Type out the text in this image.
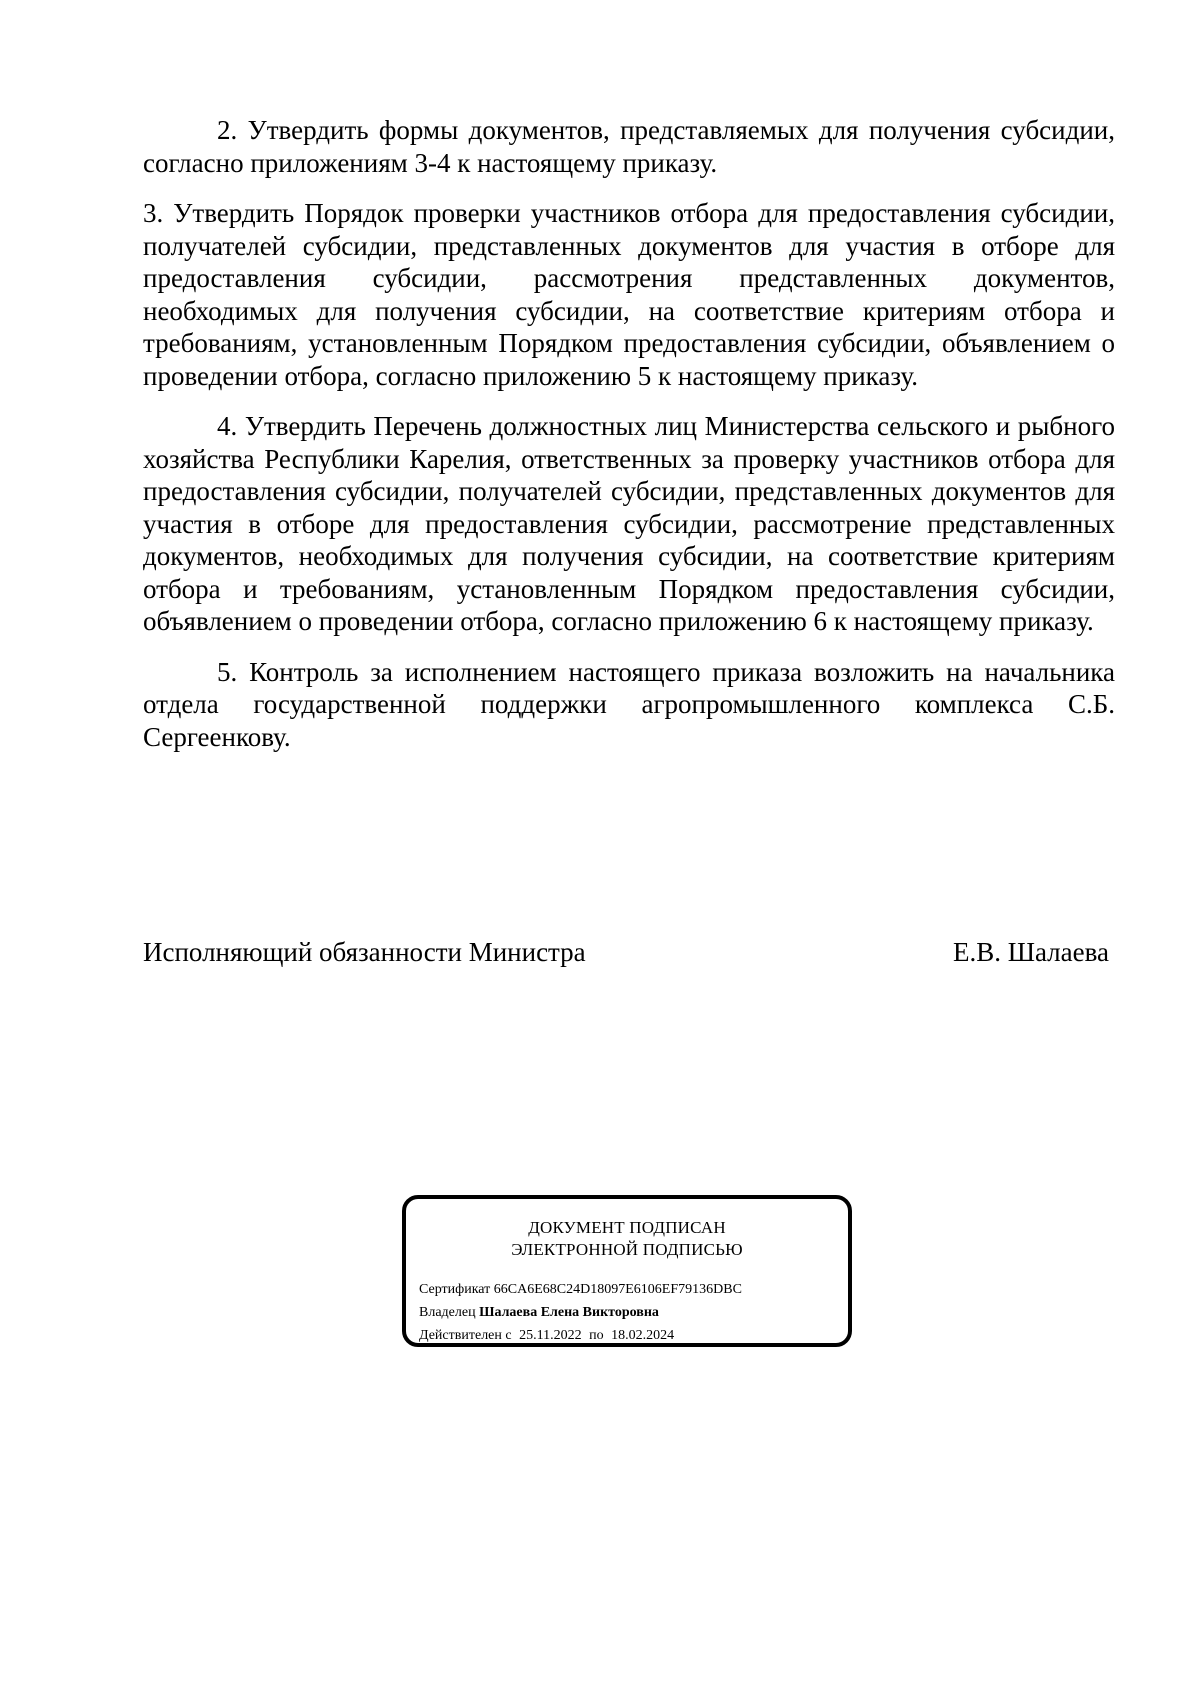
2. Утвердить формы документов, представляемых для получения субсидии, согласно приложениям 3-4 к настоящему приказу.

3. Утвердить Порядок проверки участников отбора для предоставления субсидии, получателей субсидии, представленных документов для участия в отборе для предоставления субсидии, рассмотрения представленных документов, необходимых для получения субсидии, на соответствие критериям отбора и требованиям, установленным Порядком предоставления субсидии, объявлением о проведении отбора, согласно приложению 5 к настоящему приказу.

4. Утвердить Перечень должностных лиц Министерства сельского и рыбного хозяйства Республики Карелия, ответственных за проверку участников отбора для предоставления субсидии, получателей субсидии, представленных документов для участия в отборе для предоставления субсидии, рассмотрение представленных документов, необходимых для получения субсидии, на соответствие критериям отбора и требованиям, установленным Порядком предоставления субсидии, объявлением о проведении отбора, согласно приложению 6 к настоящему приказу.

5. Контроль за исполнением настоящего приказа возложить на начальника отдела государственной поддержки агропромышленного комплекса С.Б. Сергеенкову.

Исполняющий обязанности Министра	Е.В. Шалаева
ДОКУМЕНТ ПОДПИСАН
ЭЛЕКТРОННОЙ ПОДПИСЬЮ
Сертификат 66CA6E68C24D18097E6106EF79136DBC
Владелец Шалаева Елена Викторовна
Действителен с 25.11.2022 по 18.02.2024
